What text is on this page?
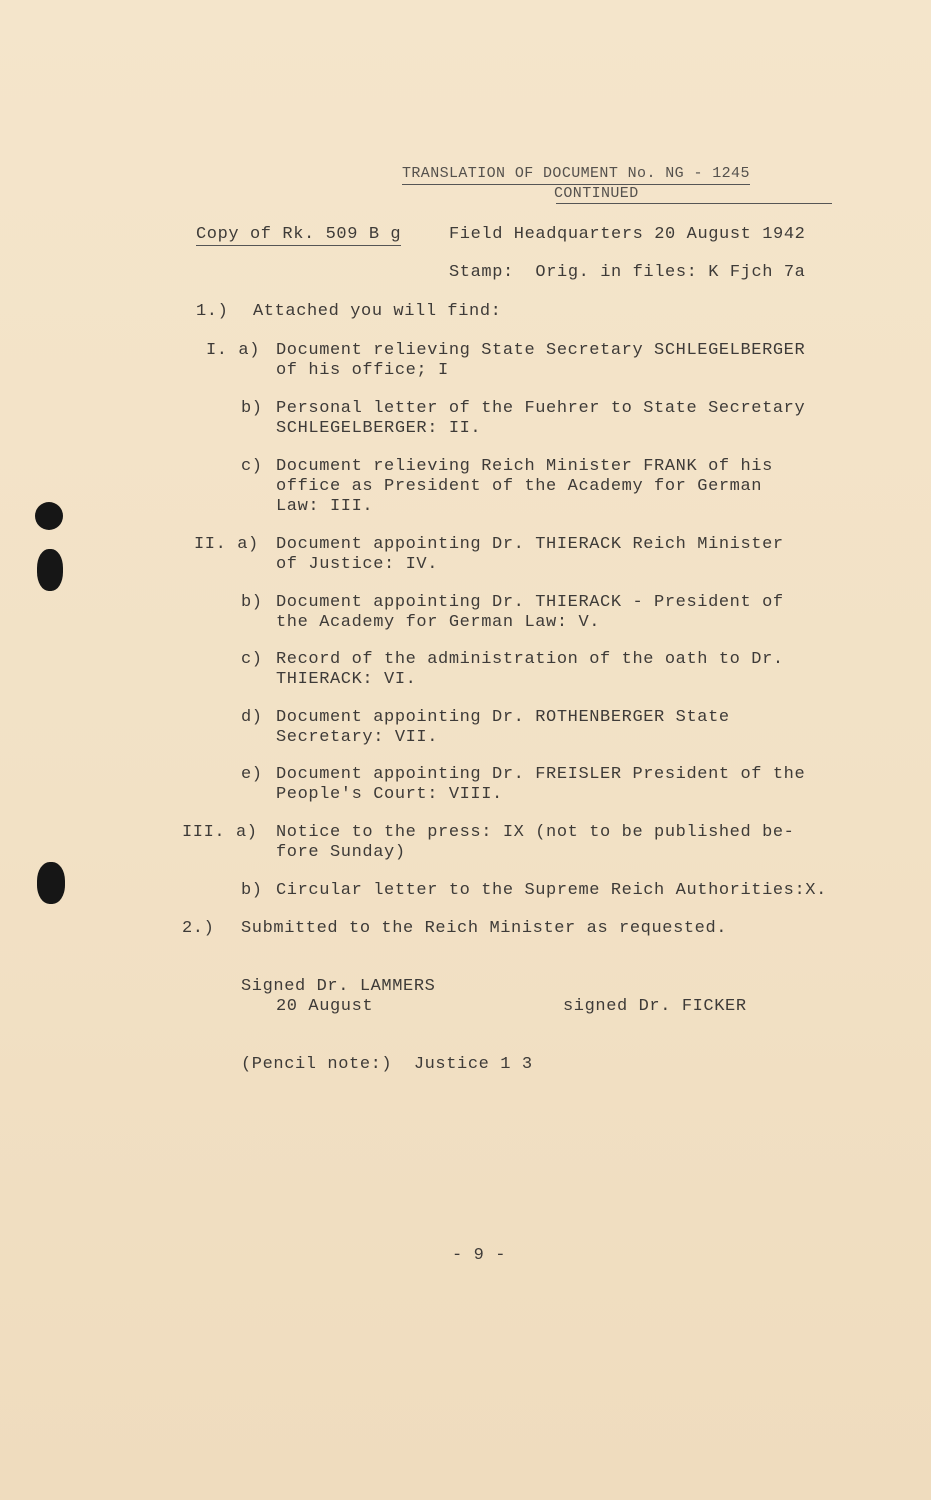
TRANSLATION OF DOCUMENT No. NG - 1245
CONTINUED
Copy of Rk. 509 B g	Field Headquarters 20 August 1942
Stamp:  Orig. in files: K Fjch 7a
1.) Attached you will find:
I. a) Document relieving State Secretary SCHLEGELBERGER
of his office; I
b) Personal letter of the Fuehrer to State Secretary
SCHLEGELBERGER: II.
c) Document relieving Reich Minister FRANK of his
office as President of the Academy for German
Law: III.
II. a) Document appointing Dr. THIERACK Reich Minister
of Justice: IV.
b) Document appointing Dr. THIERACK - President of
the Academy for German Law: V.
c) Record of the administration of the oath to Dr.
THIERACK: VI.
d) Document appointing Dr. ROTHENBERGER State
Secretary: VII.
e) Document appointing Dr. FREISLER President of the
People's Court: VIII.
III. a) Notice to the press: IX (not to be published be-
fore Sunday)
b) Circular letter to the Supreme Reich Authorities:X.
2.) Submitted to the Reich Minister as requested.
Signed Dr. LAMMERS
20 August	signed Dr. FICKER
(Pencil note:)  Justice 1 3
- 9 -
